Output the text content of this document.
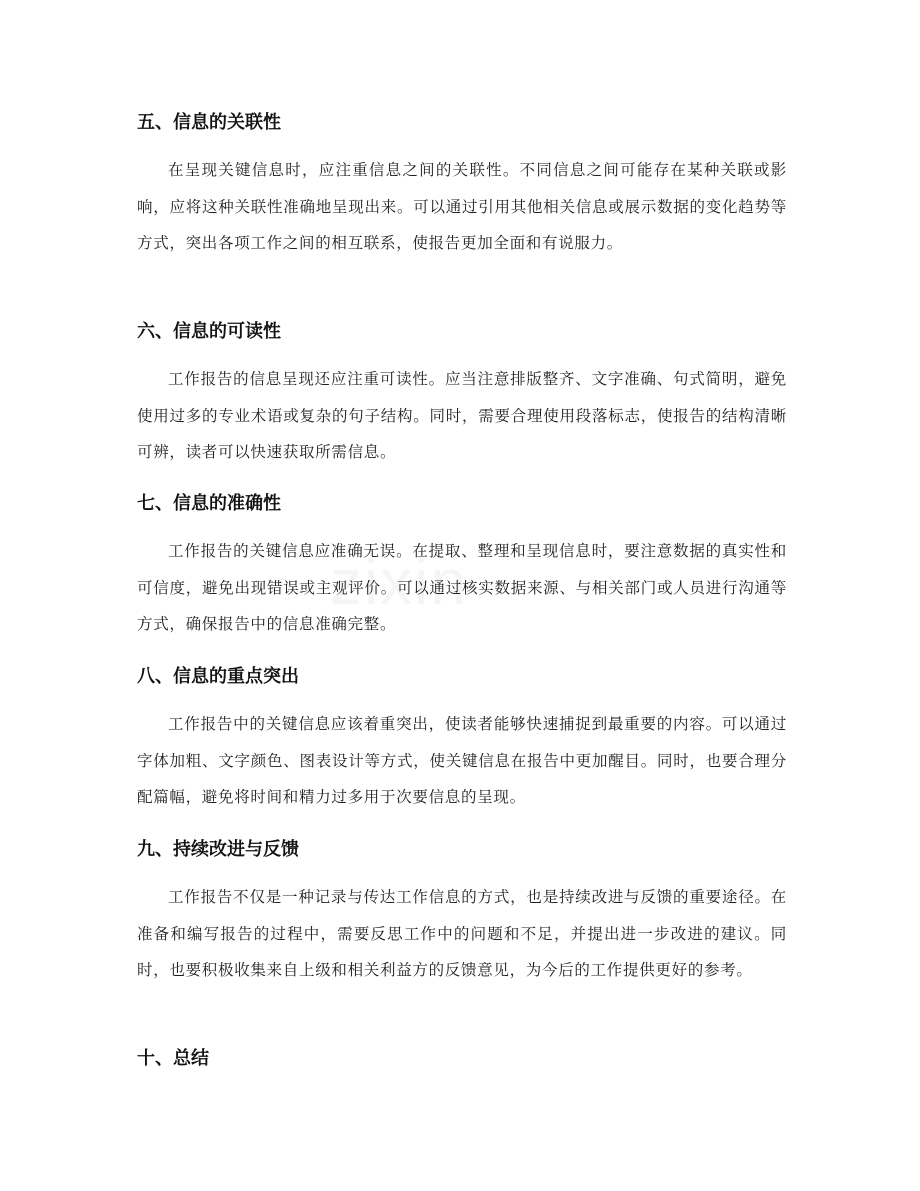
五、信息的关联性

在呈现关键信息时，应注重信息之间的关联性。不同信息之间可能存在某种关联或影响，应将这种关联性准确地呈现出来。可以通过引用其他相关信息或展示数据的变化趋势等方式，突出各项工作之间的相互联系，使报告更加全面和有说服力。

六、信息的可读性

工作报告的信息呈现还应注重可读性。应当注意排版整齐、文字准确、句式简明，避免使用过多的专业术语或复杂的句子结构。同时，需要合理使用段落标志，使报告的结构清晰可辨，读者可以快速获取所需信息。

七、信息的准确性

工作报告的关键信息应准确无误。在提取、整理和呈现信息时，要注意数据的真实性和可信度，避免出现错误或主观评价。可以通过核实数据来源、与相关部门或人员进行沟通等方式，确保报告中的信息准确完整。

八、信息的重点突出

工作报告中的关键信息应该着重突出，使读者能够快速捕捉到最重要的内容。可以通过字体加粗、文字颜色、图表设计等方式，使关键信息在报告中更加醒目。同时，也要合理分配篇幅，避免将时间和精力过多用于次要信息的呈现。

九、持续改进与反馈

工作报告不仅是一种记录与传达工作信息的方式，也是持续改进与反馈的重要途径。在准备和编写报告的过程中，需要反思工作中的问题和不足，并提出进一步改进的建议。同时，也要积极收集来自上级和相关利益方的反馈意见，为今后的工作提供更好的参考。

十、总结
